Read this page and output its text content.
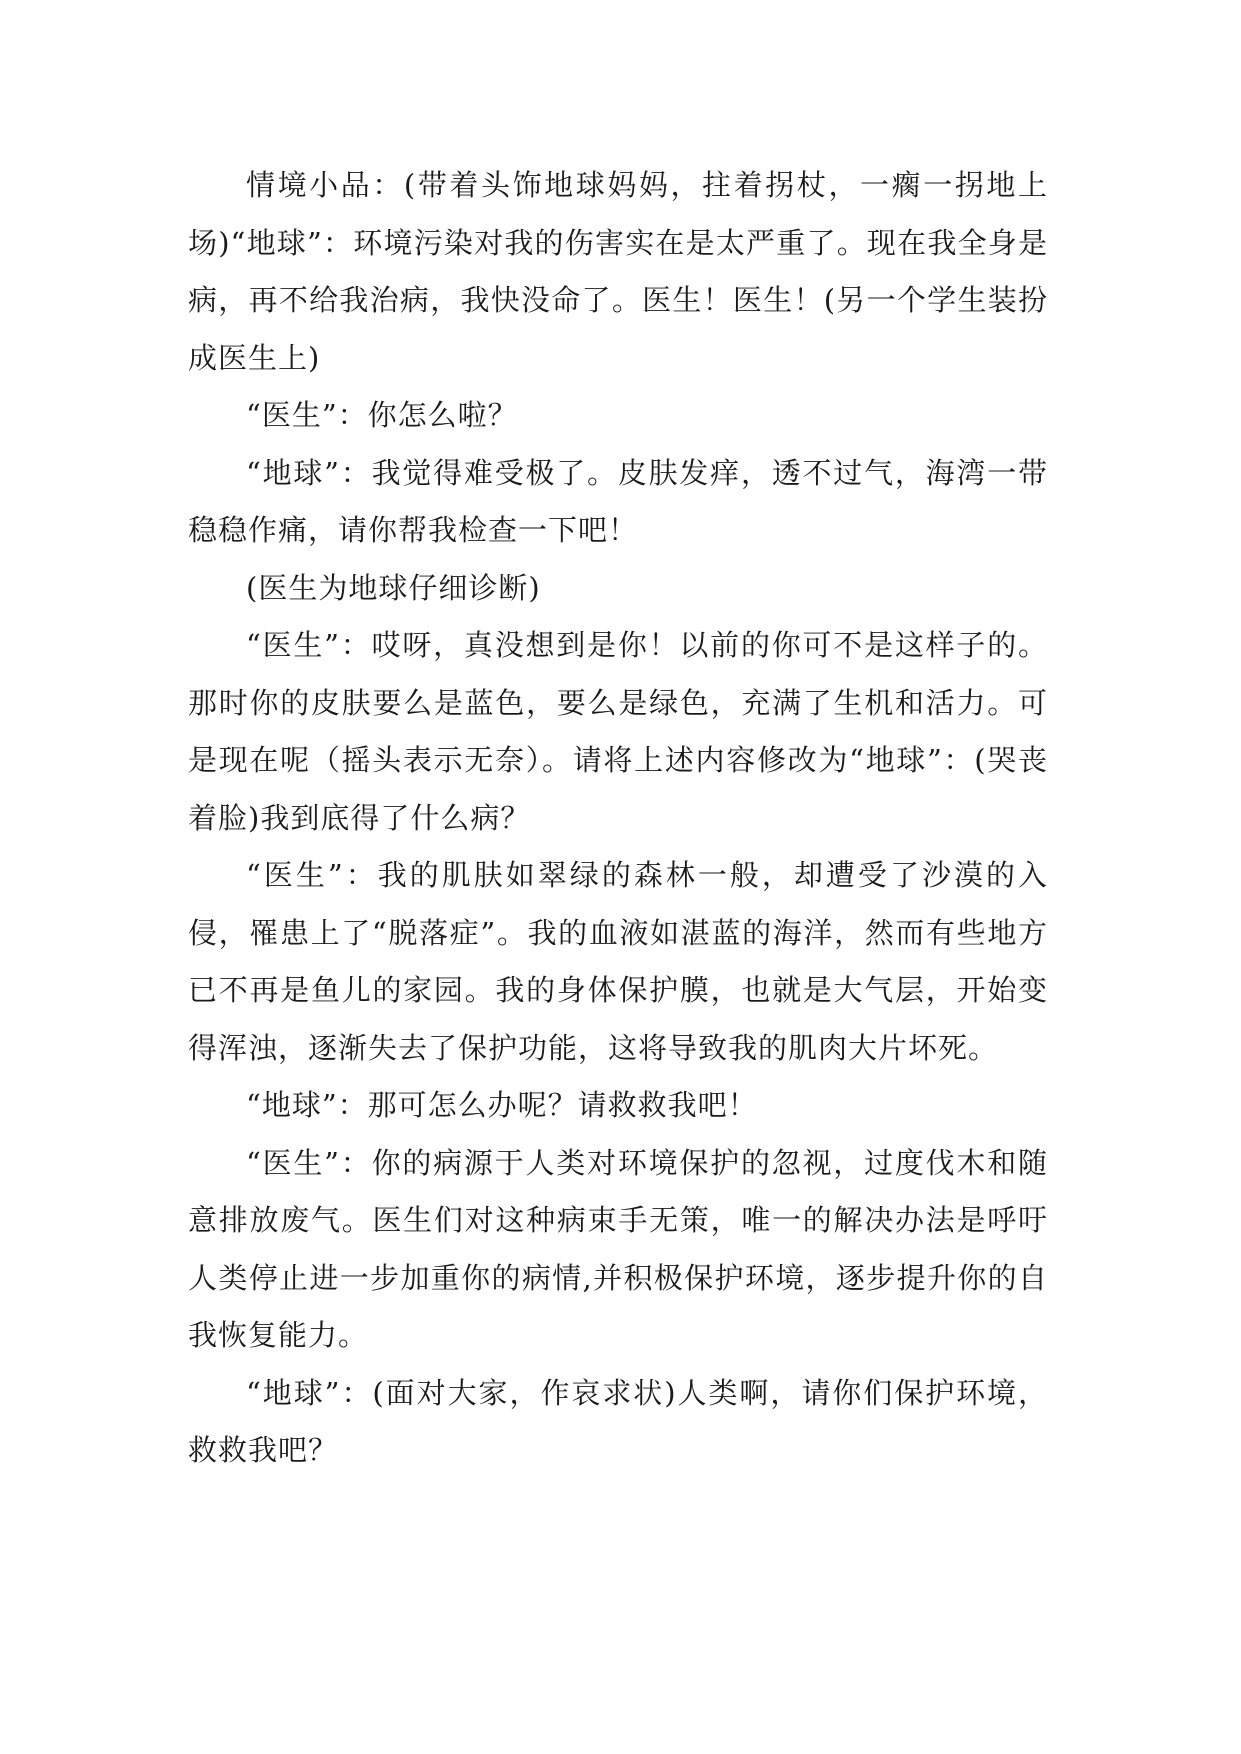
情境小品：(带着头饰地球妈妈，拄着拐杖，一瘸一拐地上场)“地球”：环境污染对我的伤害实在是太严重了。现在我全身是病，再不给我治病，我快没命了。医生！医生！(另一个学生装扮成医生上)

“医生”：你怎么啦？

“地球”：我觉得难受极了。皮肤发痒，透不过气，海湾一带稳稳作痛，请你帮我检查一下吧！

(医生为地球仔细诊断)

“医生”：哎呀，真没想到是你！以前的你可不是这样子的。那时你的皮肤要么是蓝色，要么是绿色，充满了生机和活力。可是现在呢（摇头表示无奈）。请将上述内容修改为“地球”：(哭丧着脸)我到底得了什么病？

“医生”：我的肌肤如翠绿的森林一般，却遭受了沙漠的入侵，罹患上了“脱落症”。我的血液如湛蓝的海洋，然而有些地方已不再是鱼儿的家园。我的身体保护膜，也就是大气层，开始变得浑浊，逐渐失去了保护功能，这将导致我的肌肉大片坏死。

“地球”：那可怎么办呢？请救救我吧！

“医生”：你的病源于人类对环境保护的忽视，过度伐木和随意排放废气。医生们对这种病束手无策，唯一的解决办法是呼吁人类停止进一步加重你的病情,并积极保护环境，逐步提升你的自我恢复能力。

“地球”：(面对大家，作哀求状)人类啊，请你们保护环境，救救我吧？
